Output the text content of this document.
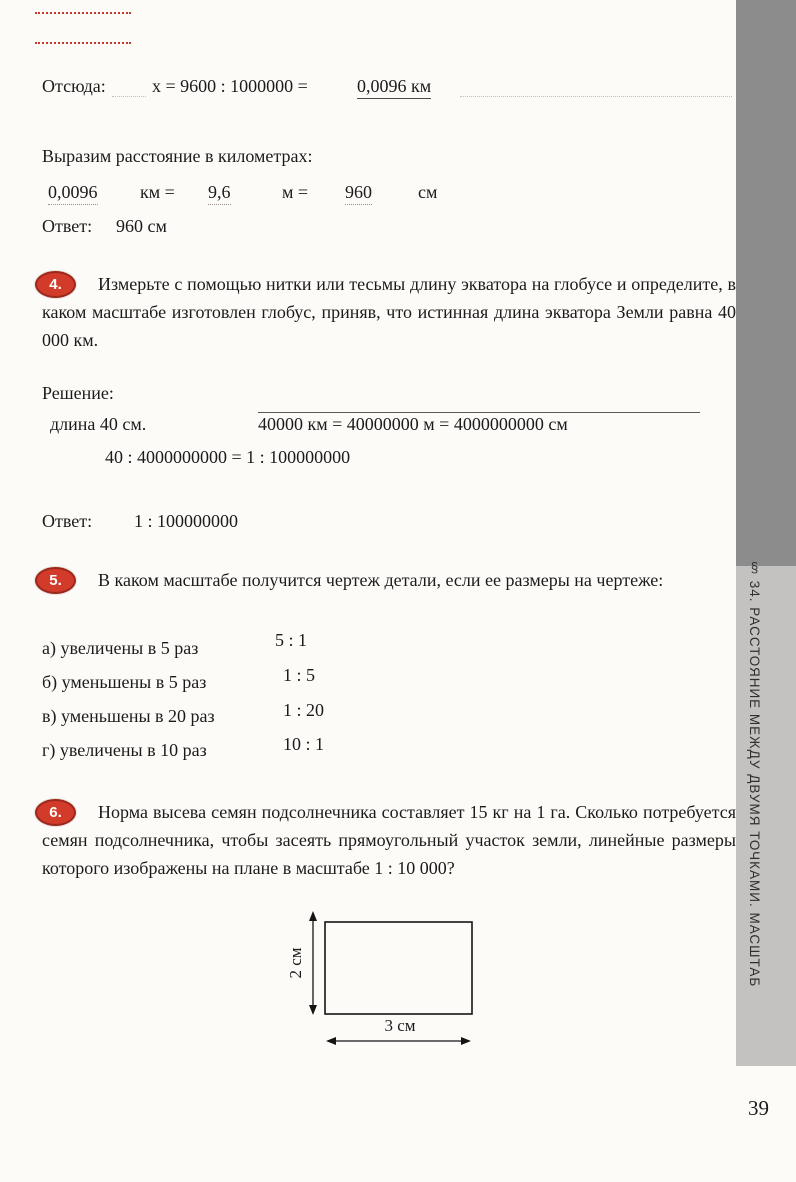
Отсюда:	х = 9600 : 1000000 =	0,0096 км
Выразим расстояние в километрах:
0,0096 км = 9,6	м = 960	см
Ответ: 960 см
4.	Измерьте с помощью нитки или тесьмы длину экватора на глобусе и определите, в каком масштабе изготовлен глобус, приняв, что истинная длина экватора Земли равна 40 000 км.

Решение:
длина 40 см.	40000 км = 40000000 м = 4000000000 см
40 : 4000000000 = 1 : 100000000
Ответ: 1 : 100000000
5.	В каком масштабе получится чертеж детали, если ее размеры на чертеже:

а) увеличены в 5 раз	5 : 1
б) уменьшены в 5 раз	1 : 5
в) уменьшены в 20 раз	1 : 20
г) увеличены в 10 раз	10 : 1
6.	Норма высева семян подсолнечника составляет 15 кг на 1 га. Сколько потребуется семян подсолнечника, чтобы засеять прямоугольный участок земли, линейные размеры которого изображены на плане в масштабе 1 : 10 000?

2 см
3 см
§ 34. РАССТОЯНИЕ МЕЖДУ ДВУМЯ ТОЧКАМИ. МАСШТАБ
39
